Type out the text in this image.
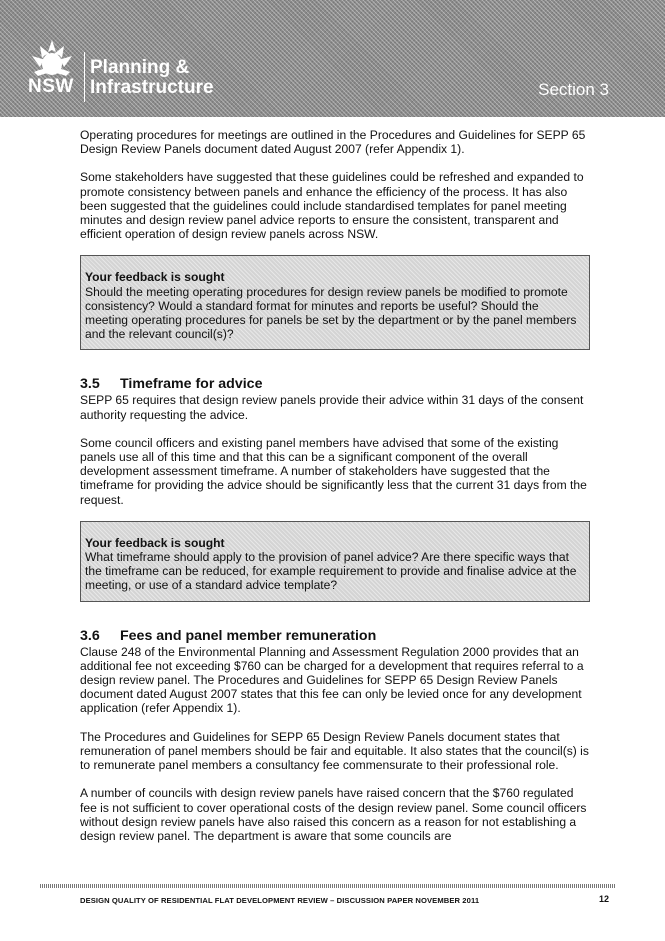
NSW
Planning &
Infrastructure	Section 3

Operating procedures for meetings are outlined in the Procedures and Guidelines for SEPP 65 Design Review Panels document dated August 2007 (refer Appendix 1).

Some stakeholders have suggested that these guidelines could be refreshed and expanded to promote consistency between panels and enhance the efficiency of the process. It has also been suggested that the guidelines could include standardised templates for panel meeting minutes and design review panel advice reports to ensure the consistent, transparent and efficient operation of design review panels across NSW.

Your feedback is sought
Should the meeting operating procedures for design review panels be modified to promote consistency? Would a standard format for minutes and reports be useful? Should the meeting operating procedures for panels be set by the department or by the panel members and the relevant council(s)?
3.5 Timeframe for advice

SEPP 65 requires that design review panels provide their advice within 31 days of the consent authority requesting the advice.

Some council officers and existing panel members have advised that some of the existing panels use all of this time and that this can be a significant component of the overall development assessment timeframe. A number of stakeholders have suggested that the timeframe for providing the advice should be significantly less that the current 31 days from the request.

Your feedback is sought
What timeframe should apply to the provision of panel advice? Are there specific ways that the timeframe can be reduced, for example requirement to provide and finalise advice at the meeting, or use of a standard advice template?
3.6 Fees and panel member remuneration

Clause 248 of the Environmental Planning and Assessment Regulation 2000 provides that an additional fee not exceeding $760 can be charged for a development that requires referral to a design review panel. The Procedures and Guidelines for SEPP 65 Design Review Panels document dated August 2007 states that this fee can only be levied once for any development application (refer Appendix 1).

The Procedures and Guidelines for SEPP 65 Design Review Panels document states that remuneration of panel members should be fair and equitable. It also states that the council(s) is to remunerate panel members a consultancy fee commensurate to their professional role.

A number of councils with design review panels have raised concern that the $760 regulated fee is not sufficient to cover operational costs of the design review panel. Some council officers without design review panels have also raised this concern as a reason for not establishing a design review panel. The department is aware that some councils are

DESIGN QUALITY OF RESIDENTIAL FLAT DEVELOPMENT REVIEW – DISCUSSION PAPER NOVEMBER 2011	12
